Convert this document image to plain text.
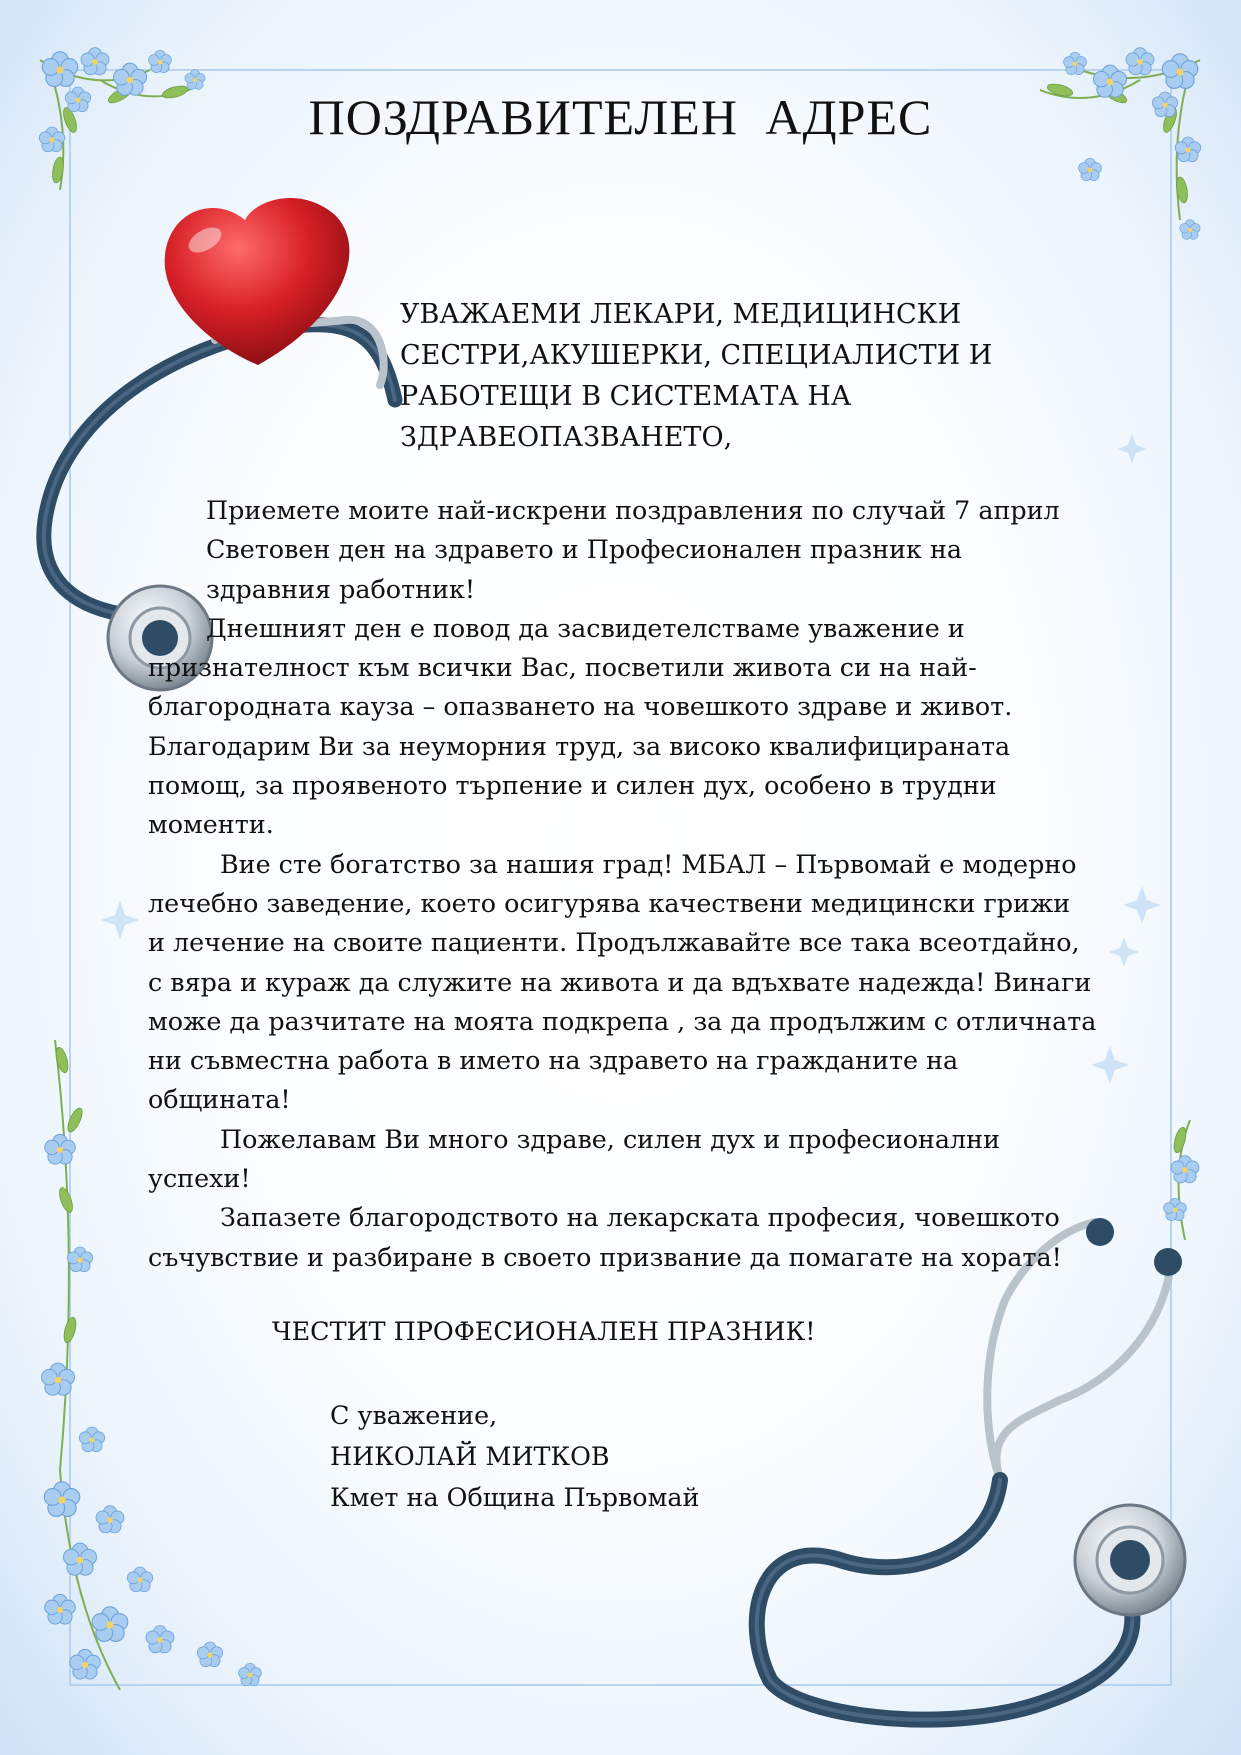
ПОЗДРАВИТЕЛЕН АДРЕС
УВАЖАЕМИ ЛЕКАРИ, МЕДИЦИНСКИ
СЕСТРИ,АКУШЕРКИ, СПЕЦИАЛИСТИ И
РАБОТЕЩИ В СИСТЕМАТА НА
ЗДРАВЕОПАЗВАНЕТО,

Приемете моите най-искрени поздравления по случай 7 април
Световен ден на здравето и Професионален празник на
здравния работник!

Днешният ден е повод да засвидетелстваме уважение и
признателност към всички Вас, посветили живота си на най-
благородната кауза – опазването на човешкото здраве и живот.
Благодарим Ви за неуморния труд, за високо квалифицираната
помощ, за проявеното търпение и силен дух, особено в трудни
моменти.

Вие сте богатство за нашия град! МБАЛ – Първомай е модерно
лечебно заведение, което осигурява качествени медицински грижи
и лечение на своите пациенти. Продължавайте все така всеотдайно,
с вяра и кураж да служите на живота и да вдъхвате надежда! Винаги
може да разчитате на моята подкрепа , за да продължим с отличната
ни съвместна работа в името на здравето на гражданите на
общината!

Пожелавам Ви много здраве, силен дух и професионални
успехи!

Запазете благородството на лекарската професия, човешкото
съчувствие и разбиране в своето призвание да помагате на хората!

ЧЕСТИТ ПРОФЕСИОНАЛЕН ПРАЗНИК!

С уважение,
НИКОЛАЙ МИТКОВ
Кмет на Община Първомай
